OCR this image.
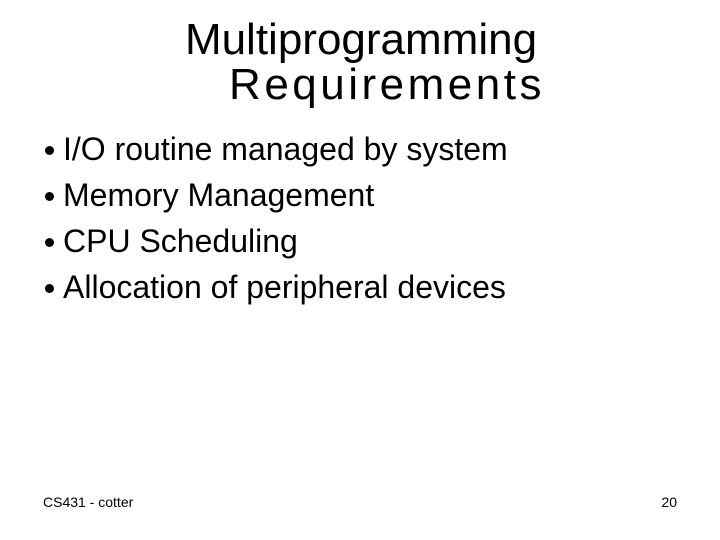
Multiprogramming
Requirements
I/O routine managed by system
Memory Management
CPU Scheduling
Allocation of peripheral devices
CS431 - cotter	20
